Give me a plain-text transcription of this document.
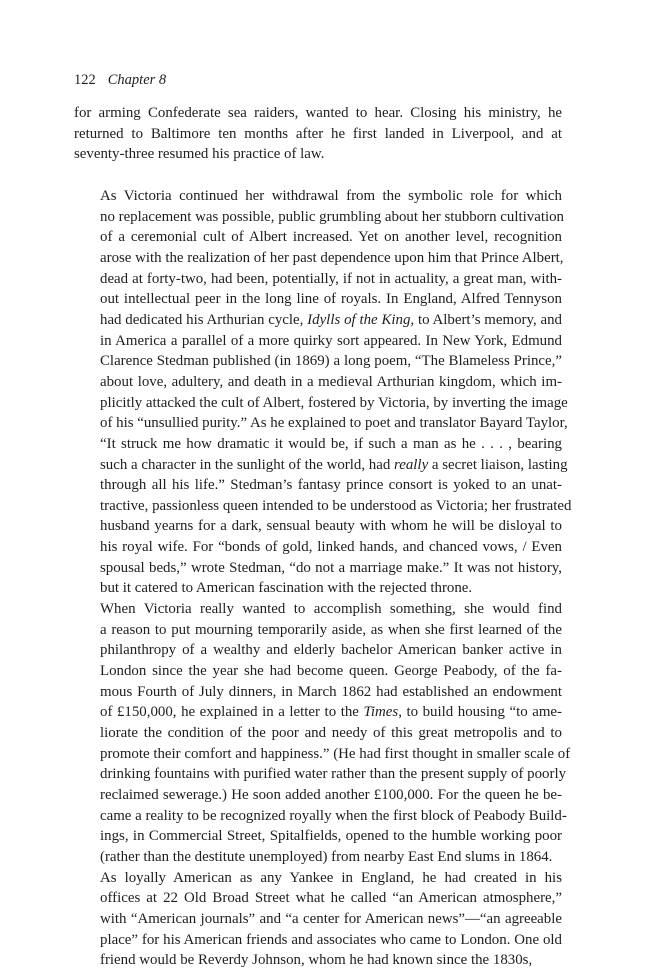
122 Chapter 8

for arming Confederate sea raiders, wanted to hear. Closing his ministry, he
returned to Baltimore ten months after he first landed in Liverpool, and at
seventy-three resumed his practice of law.

As Victoria continued her withdrawal from the symbolic role for which
no replacement was possible, public grumbling about her stubborn cultivation
of a ceremonial cult of Albert increased. Yet on another level, recognition
arose with the realization of her past dependence upon him that Prince Albert,
dead at forty-two, had been, potentially, if not in actuality, a great man, with-
out intellectual peer in the long line of royals. In England, Alfred Tennyson
had dedicated his Arthurian cycle, Idylls of the King, to Albert’s memory, and
in America a parallel of a more quirky sort appeared. In New York, Edmund
Clarence Stedman published (in 1869) a long poem, “The Blameless Prince,”
about love, adultery, and death in a medieval Arthurian kingdom, which im-
plicitly attacked the cult of Albert, fostered by Victoria, by inverting the image
of his “unsullied purity.” As he explained to poet and translator Bayard Taylor,
“It struck me how dramatic it would be, if such a man as he . . . , bearing
such a character in the sunlight of the world, had really a secret liaison, lasting
through all his life.” Stedman’s fantasy prince consort is yoked to an unat-
tractive, passionless queen intended to be understood as Victoria; her frustrated
husband yearns for a dark, sensual beauty with whom he will be disloyal to
his royal wife. For “bonds of gold, linked hands, and chanced vows, / Even
spousal beds,” wrote Stedman, “do not a marriage make.” It was not history,
but it catered to American fascination with the rejected throne.

When Victoria really wanted to accomplish something, she would find
a reason to put mourning temporarily aside, as when she first learned of the
philanthropy of a wealthy and elderly bachelor American banker active in
London since the year she had become queen. George Peabody, of the fa-
mous Fourth of July dinners, in March 1862 had established an endowment
of £150,000, he explained in a letter to the Times, to build housing “to ame-
liorate the condition of the poor and needy of this great metropolis and to
promote their comfort and happiness.” (He had first thought in smaller scale of
drinking fountains with purified water rather than the present supply of poorly
reclaimed sewerage.) He soon added another £100,000. For the queen he be-
came a reality to be recognized royally when the first block of Peabody Build-
ings, in Commercial Street, Spitalfields, opened to the humble working poor
(rather than the destitute unemployed) from nearby East End slums in 1864.

As loyally American as any Yankee in England, he had created in his
offices at 22 Old Broad Street what he called “an American atmosphere,”
with “American journals” and “a center for American news”—“an agreeable
place” for his American friends and associates who came to London. One old
friend would be Reverdy Johnson, whom he had known since the 1830s,
